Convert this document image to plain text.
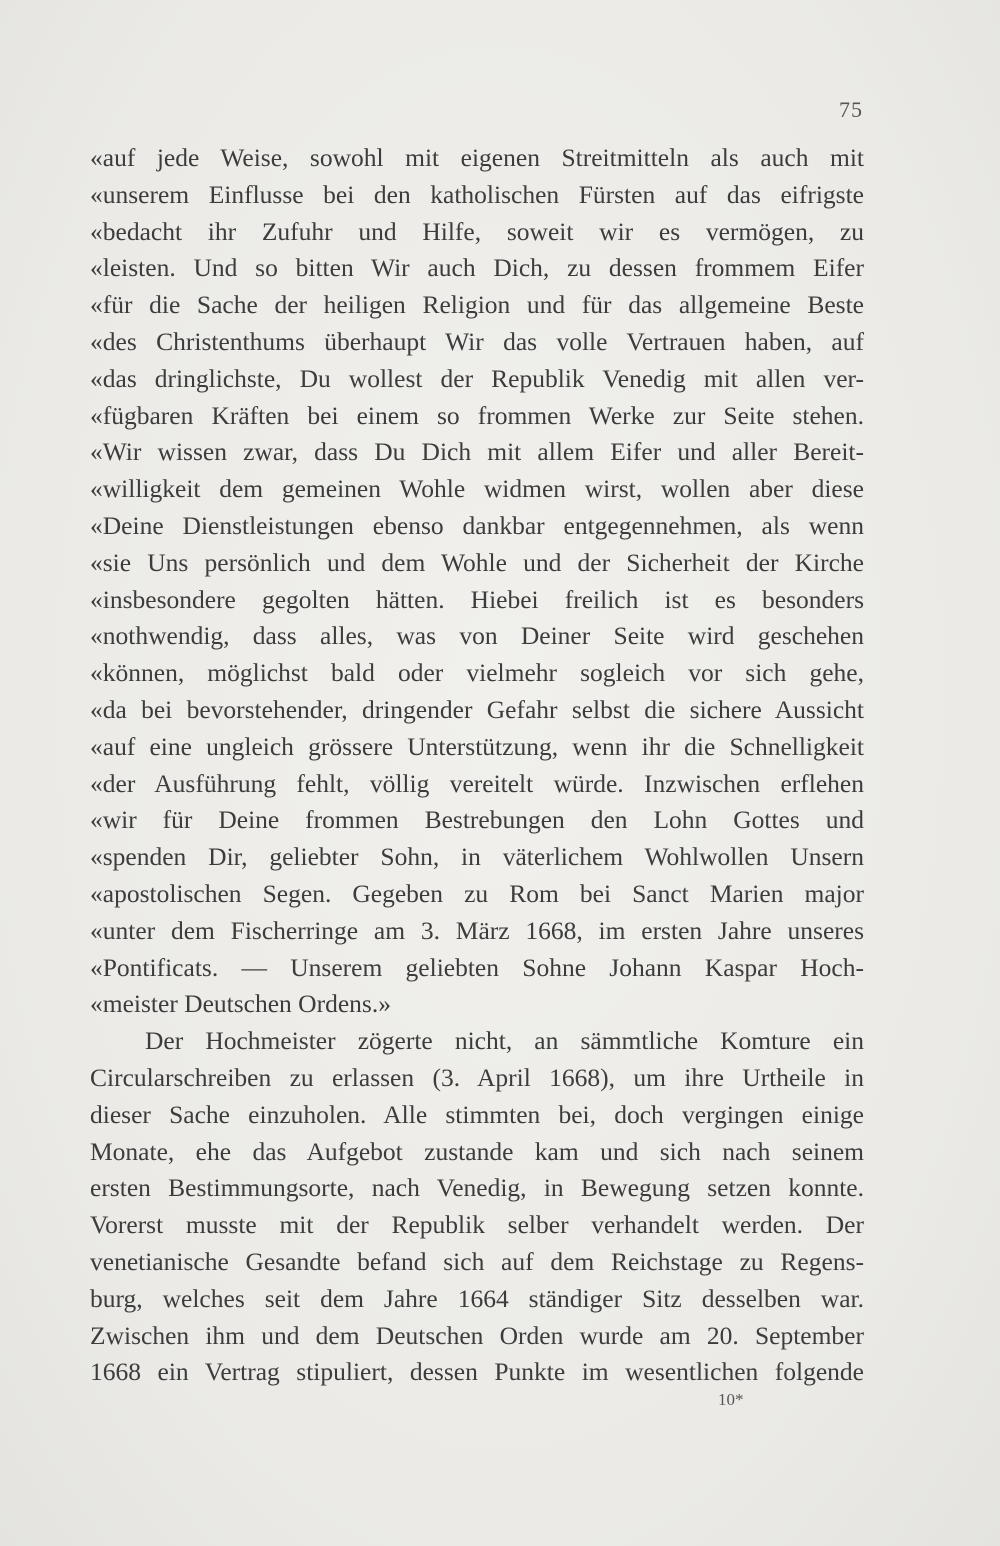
75
«auf jede Weise, sowohl mit eigenen Streitmitteln als auch mit
«unserem Einflusse bei den katholischen Fürsten auf das eifrigste
«bedacht ihr Zufuhr und Hilfe, soweit wir es vermögen, zu
«leisten. Und so bitten Wir auch Dich, zu dessen frommem Eifer
«für die Sache der heiligen Religion und für das allgemeine Beste
«des Christenthums überhaupt Wir das volle Vertrauen haben, auf
«das dringlichste, Du wollest der Republik Venedig mit allen ver-
«fügbaren Kräften bei einem so frommen Werke zur Seite stehen.
«Wir wissen zwar, dass Du Dich mit allem Eifer und aller Bereit-
«willigkeit dem gemeinen Wohle widmen wirst, wollen aber diese
«Deine Dienstleistungen ebenso dankbar entgegennehmen, als wenn
«sie Uns persönlich und dem Wohle und der Sicherheit der Kirche
«insbesondere gegolten hätten. Hiebei freilich ist es besonders
«nothwendig, dass alles, was von Deiner Seite wird geschehen
«können, möglichst bald oder vielmehr sogleich vor sich gehe,
«da bei bevorstehender, dringender Gefahr selbst die sichere Aussicht
«auf eine ungleich grössere Unterstützung, wenn ihr die Schnelligkeit
«der Ausführung fehlt, völlig vereitelt würde. Inzwischen erflehen
«wir für Deine frommen Bestrebungen den Lohn Gottes und
«spenden Dir, geliebter Sohn, in väterlichem Wohlwollen Unsern
«apostolischen Segen. Gegeben zu Rom bei Sanct Marien major
«unter dem Fischerringe am 3. März 1668, im ersten Jahre unseres
«Pontificats. — Unserem geliebten Sohne Johann Kaspar Hoch-
«meister Deutschen Ordens.»
Der Hochmeister zögerte nicht, an sämmtliche Komture ein
Circularschreiben zu erlassen (3. April 1668), um ihre Urtheile in
dieser Sache einzuholen. Alle stimmten bei, doch vergingen einige
Monate, ehe das Aufgebot zustande kam und sich nach seinem
ersten Bestimmungsorte, nach Venedig, in Bewegung setzen konnte.
Vorerst musste mit der Republik selber verhandelt werden. Der
venetianische Gesandte befand sich auf dem Reichstage zu Regens-
burg, welches seit dem Jahre 1664 ständiger Sitz desselben war.
Zwischen ihm und dem Deutschen Orden wurde am 20. September
1668 ein Vertrag stipuliert, dessen Punkte im wesentlichen folgende
10*
